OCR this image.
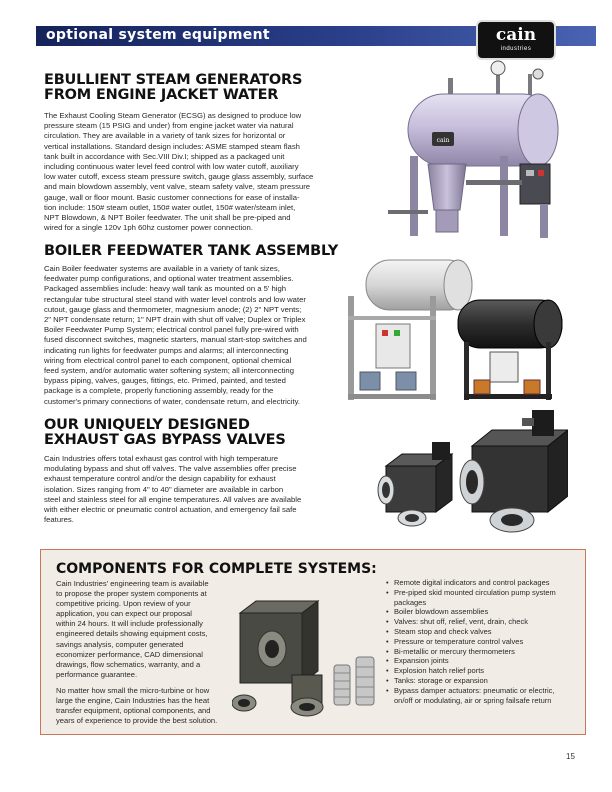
optional system equipment	cain
industries
EBULLIENT STEAM GENERATORS
FROM ENGINE JACKET WATER

The Exhaust Cooling Steam Generator (ECSG) as designed to produce low
pressure steam (15 PSIG and under) from engine jacket water via natural
circulation. They are available in a variety of tank sizes for horizontal or
vertical installations. Standard design includes: ASME stamped steam flash
tank built in accordance with Sec.VIII Div.I; shipped as a packaged unit
including continuous water level feed control with low water cutoff, auxiliary
low water cutoff, excess steam pressure switch, gauge glass assembly, surface
and main blowdown assembly, vent valve, steam safety valve, steam pressure
gauge, wall or floor mount. Basic customer connections for ease of installa-
tion include: 150# steam outlet, 150# water outlet, 150# water/steam inlet,
NPT Blowdown, & NPT Boiler feedwater. The unit shall be pre-piped and
wired for a single 120v 1ph 60hz customer power connection.

cain
BOILER FEEDWATER TANK ASSEMBLY

Cain Boiler feedwater systems are available in a variety of tank sizes,
feedwater pump configurations, and optional water treatment assemblies.
Packaged assemblies include: heavy wall tank as mounted on a 5' high
rectangular tube structural steel stand with water level controls and low water
cutout, gauge glass and thermometer, magnesium anode; (2) 2" NPT vents;
2" NPT condensate return; 1" NPT drain with shut off valve; Duplex or Triplex
Boiler Feedwater Pump System; electrical control panel fully pre-wired with
fused disconnect switches, magnetic starters, manual start-stop switches and
indicating run lights for feedwater pumps and alarms; all interconnecting
wiring from electrical control panel to each component, optional chemical
feed system, and/or automatic water softening system; all interconnecting
bypass piping, valves, gauges, fittings, etc. Primed, painted, and tested
package is a complete, properly functioning assembly, ready for the
customer's primary connections of water, condensate return, and electricity.

OUR UNIQUELY DESIGNED
EXHAUST GAS BYPASS VALVES

Cain Industries offers total exhaust gas control with high temperature
modulating bypass and shut off valves. The valve assemblies offer precise
exhaust temperature control and/or the design capability for exhaust
isolation. Sizes ranging from 4" to 40" diameter are available in carbon
steel and stainless steel for all engine temperatures. All valves are available
with either electric or pneumatic control actuation, and emergency fail safe
features.

COMPONENTS FOR COMPLETE SYSTEMS:

Cain Industries' engineering team is available
to propose the proper system components at
competitive pricing. Upon review of your
application, you can expect our proposal
within 24 hours. It will include professionally
engineered details showing equipment costs,
savings analysis, computer generated
economizer performance, CAD dimensional
drawings, flow schematics, warranty, and a
performance guarantee.

No matter how small the micro-turbine or how
large the engine, Cain Industries has the heat
transfer equipment, optional components, and
years of experience to provide the best solution.

• Remote digital indicators and control packages
• Pre-piped skid mounted circulation pump system packages
• Boiler blowdown assemblies
• Valves: shut off, relief, vent, drain, check
• Steam stop and check valves
• Pressure or temperature control valves
• Bi-metallic or mercury thermometers
• Expansion joints
• Explosion hatch relief ports
• Tanks: storage or expansion
• Bypass damper actuators: pneumatic or electric, on/off or modulating, air or spring failsafe return
15
